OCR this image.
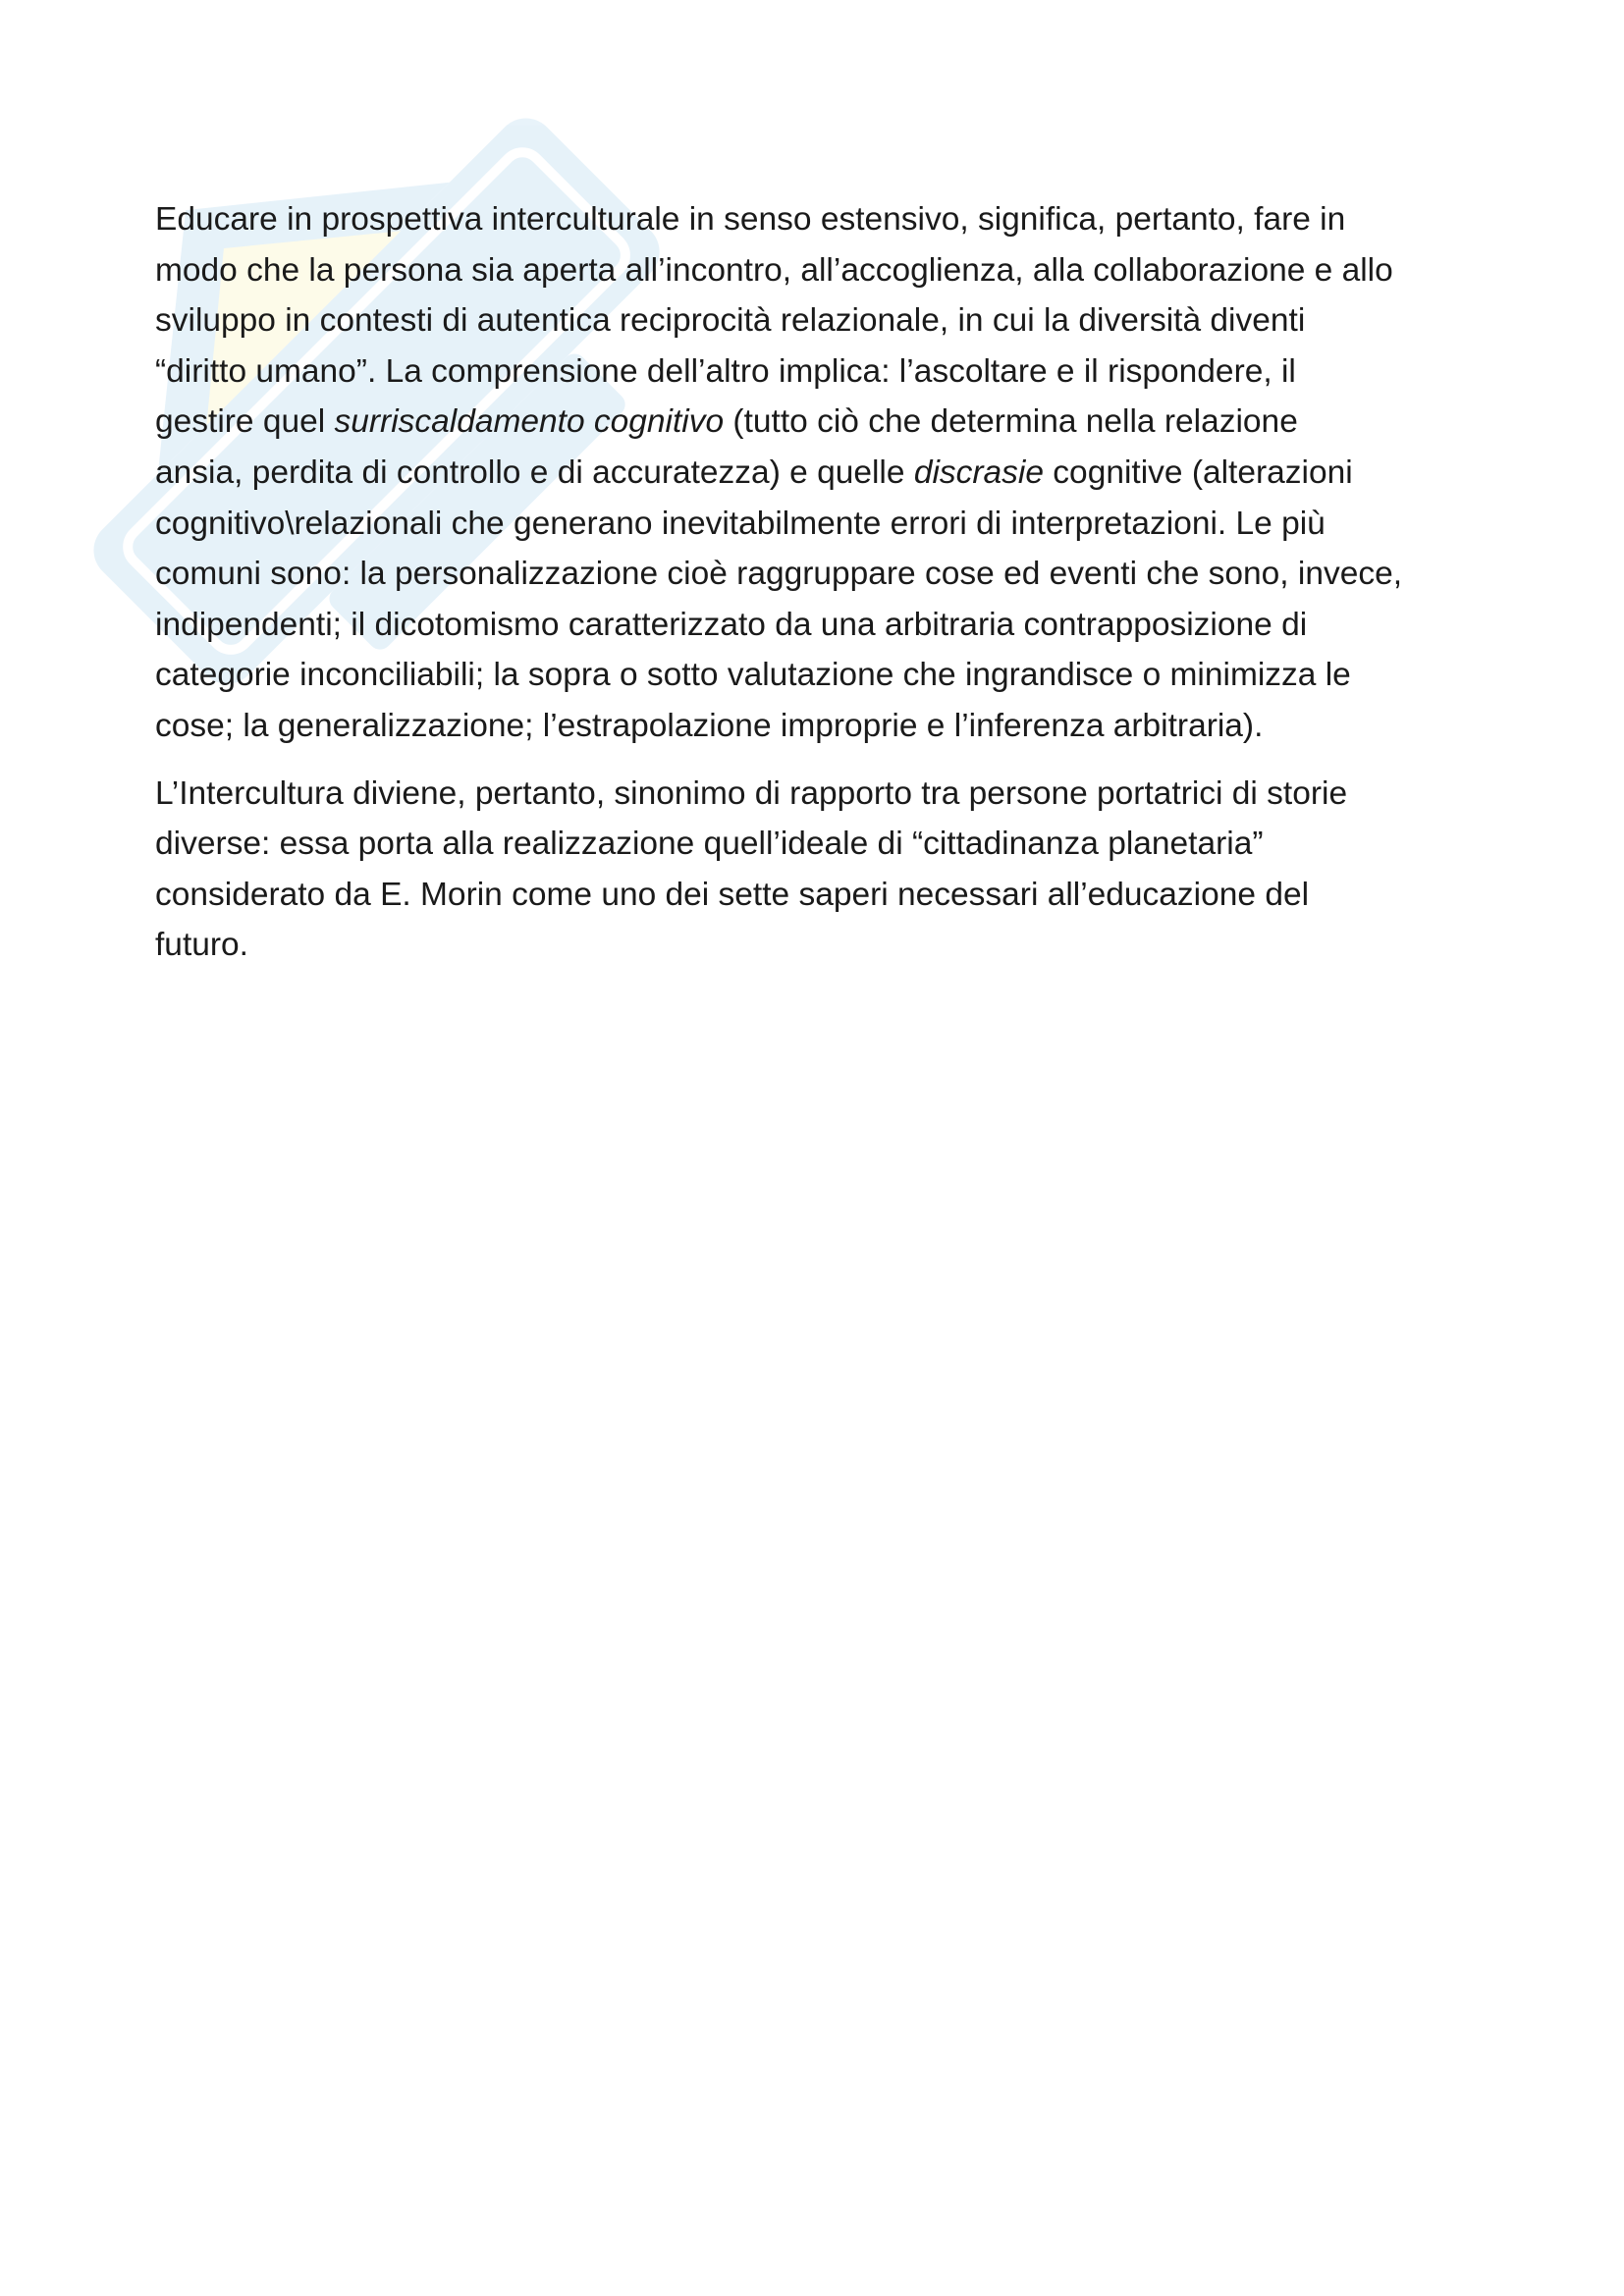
Educare in prospettiva interculturale in senso estensivo, significa, pertanto, fare in
modo che la persona sia aperta all’incontro, all’accoglienza, alla collaborazione e allo
sviluppo in contesti di autentica reciprocità relazionale, in cui la diversità diventi
“diritto umano”. La comprensione dell’altro implica: l’ascoltare e il rispondere, il
gestire quel surriscaldamento cognitivo (tutto ciò che determina nella relazione
ansia, perdita di controllo e di accuratezza) e quelle discrasie cognitive (alterazioni
cognitivo\relazionali che generano inevitabilmente errori di interpretazioni. Le più
comuni sono: la personalizzazione cioè raggruppare cose ed eventi che sono, invece,
indipendenti; il dicotomismo caratterizzato da una arbitraria contrapposizione di
categorie inconciliabili; la sopra o sotto valutazione che ingrandisce o minimizza le
cose; la generalizzazione; l’estrapolazione improprie e l’inferenza arbitraria).

L’Intercultura diviene, pertanto, sinonimo di rapporto tra persone portatrici di storie
diverse: essa porta alla realizzazione quell’ideale di “cittadinanza planetaria”
considerato da E. Morin come uno dei sette saperi necessari all’educazione del
futuro.
